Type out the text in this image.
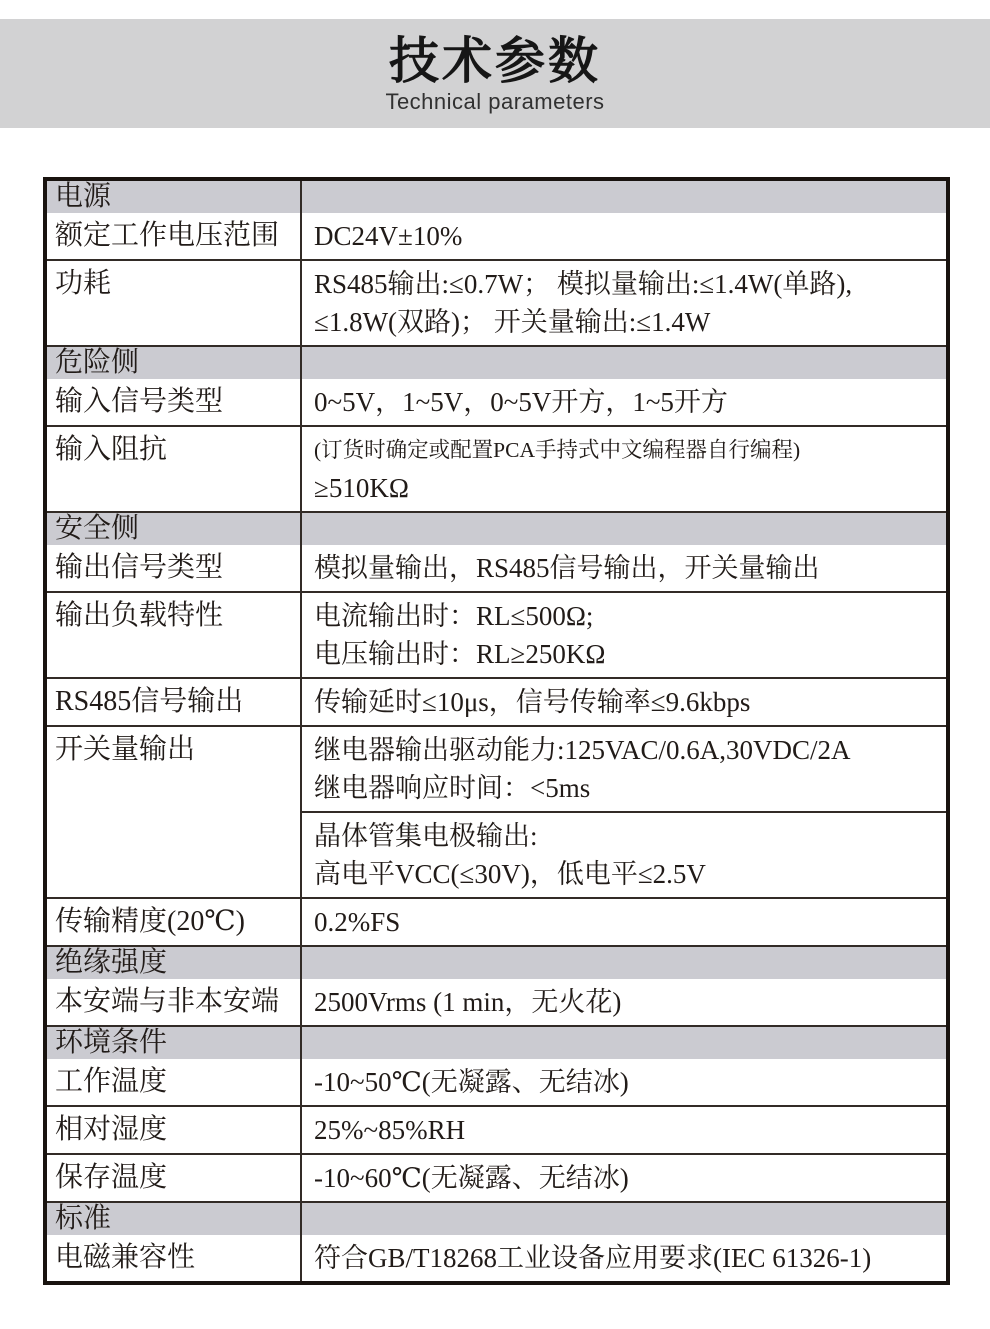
技术参数
Technical parameters
电源
额定工作电压范围	DC24V±10%
功耗	RS485输出:≤0.7W； 模拟量输出:≤1.4W(单路),
≤1.8W(双路)； 开关量输出:≤1.4W
危险侧
输入信号类型	0~5V，1~5V，0~5V开方，1~5开方
输入阻抗	(订货时确定或配置PCA手持式中文编程器自行编程)
≥510KΩ
安全侧
输出信号类型	模拟量输出，RS485信号输出，开关量输出
输出负载特性	电流输出时：RL≤500Ω;
电压输出时：RL≥250KΩ
RS485信号输出	传输延时≤10μs，信号传输率≤9.6kbps
开关量输出	继电器输出驱动能力:125VAC/0.6A,30VDC/2A
继电器响应时间：<5ms
晶体管集电极输出:
高电平VCC(≤30V)，低电平≤2.5V
传输精度(20℃)	0.2%FS
绝缘强度
本安端与非本安端	2500Vrms (1 min，无火花)
环境条件
工作温度	-10~50℃(无凝露、无结冰)
相对湿度	25%~85%RH
保存温度	-10~60℃(无凝露、无结冰)
标准
电磁兼容性	符合GB/T18268工业设备应用要求(IEC 61326-1)
